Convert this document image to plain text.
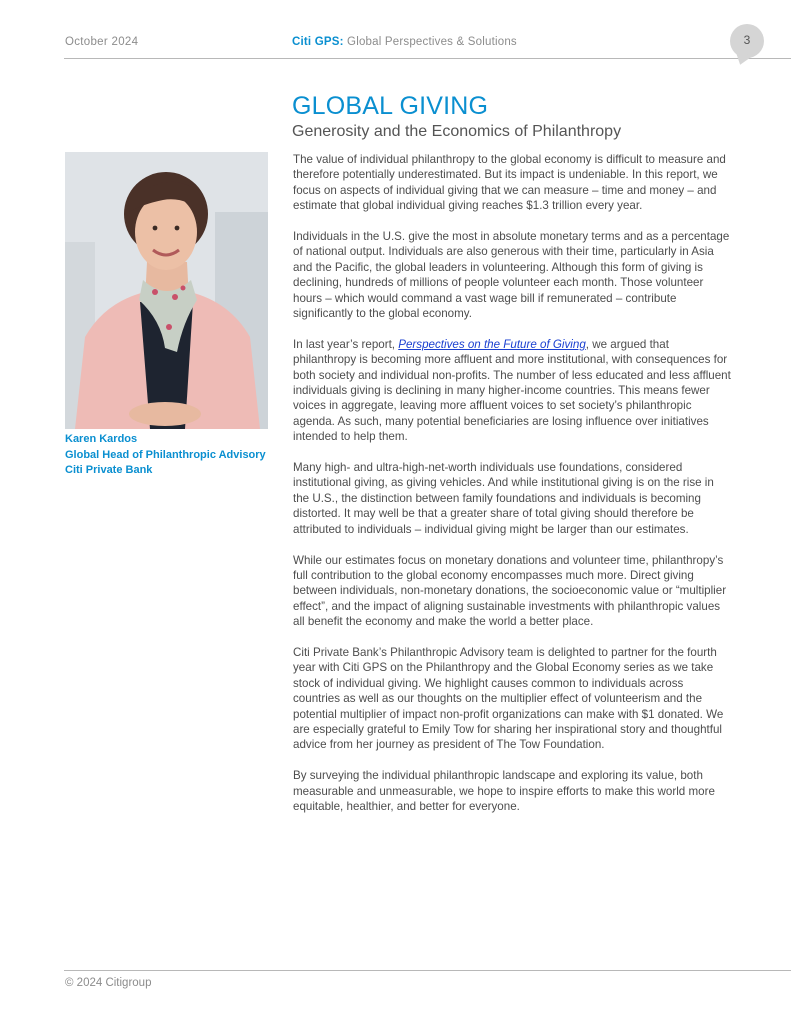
October 2024	Citi GPS: Global Perspectives & Solutions	3
GLOBAL GIVING
Generosity and the Economics of Philanthropy
Karen Kardos
Global Head of Philanthropic Advisory
Citi Private Bank

The value of individual philanthropy to the global economy is difficult to measure and therefore potentially underestimated. But its impact is undeniable. In this report, we focus on aspects of individual giving that we can measure – time and money – and estimate that global individual giving reaches $1.3 trillion every year.

Individuals in the U.S. give the most in absolute monetary terms and as a percentage of national output. Individuals are also generous with their time, particularly in Asia and the Pacific, the global leaders in volunteering. Although this form of giving is declining, hundreds of millions of people volunteer each month. Those volunteer hours – which would command a vast wage bill if remunerated – contribute significantly to the global economy.

In last year’s report, Perspectives on the Future of Giving, we argued that philanthropy is becoming more affluent and more institutional, with consequences for both society and individual non-profits. The number of less educated and less affluent individuals giving is declining in many higher-income countries. This means fewer voices in aggregate, leaving more affluent voices to set society’s philanthropic agenda. As such, many potential beneficiaries are losing influence over initiatives intended to help them.

Many high- and ultra-high-net-worth individuals use foundations, considered institutional giving, as giving vehicles. And while institutional giving is on the rise in the U.S., the distinction between family foundations and individuals is becoming distorted. It may well be that a greater share of total giving should therefore be attributed to individuals – individual giving might be larger than our estimates.

While our estimates focus on monetary donations and volunteer time, philanthropy’s full contribution to the global economy encompasses much more. Direct giving between individuals, non-monetary donations, the socioeconomic value or “multiplier effect”, and the impact of aligning sustainable investments with philanthropic values all benefit the economy and make the world a better place.

Citi Private Bank’s Philanthropic Advisory team is delighted to partner for the fourth year with Citi GPS on the Philanthropy and the Global Economy series as we take stock of individual giving. We highlight causes common to individuals across countries as well as our thoughts on the multiplier effect of volunteerism and the potential multiplier of impact non-profit organizations can make with $1 donated. We are especially grateful to Emily Tow for sharing her inspirational story and thoughtful advice from her journey as president of The Tow Foundation.

By surveying the individual philanthropic landscape and exploring its value, both measurable and unmeasurable, we hope to inspire efforts to make this world more equitable, healthier, and better for everyone.

© 2024 Citigroup
